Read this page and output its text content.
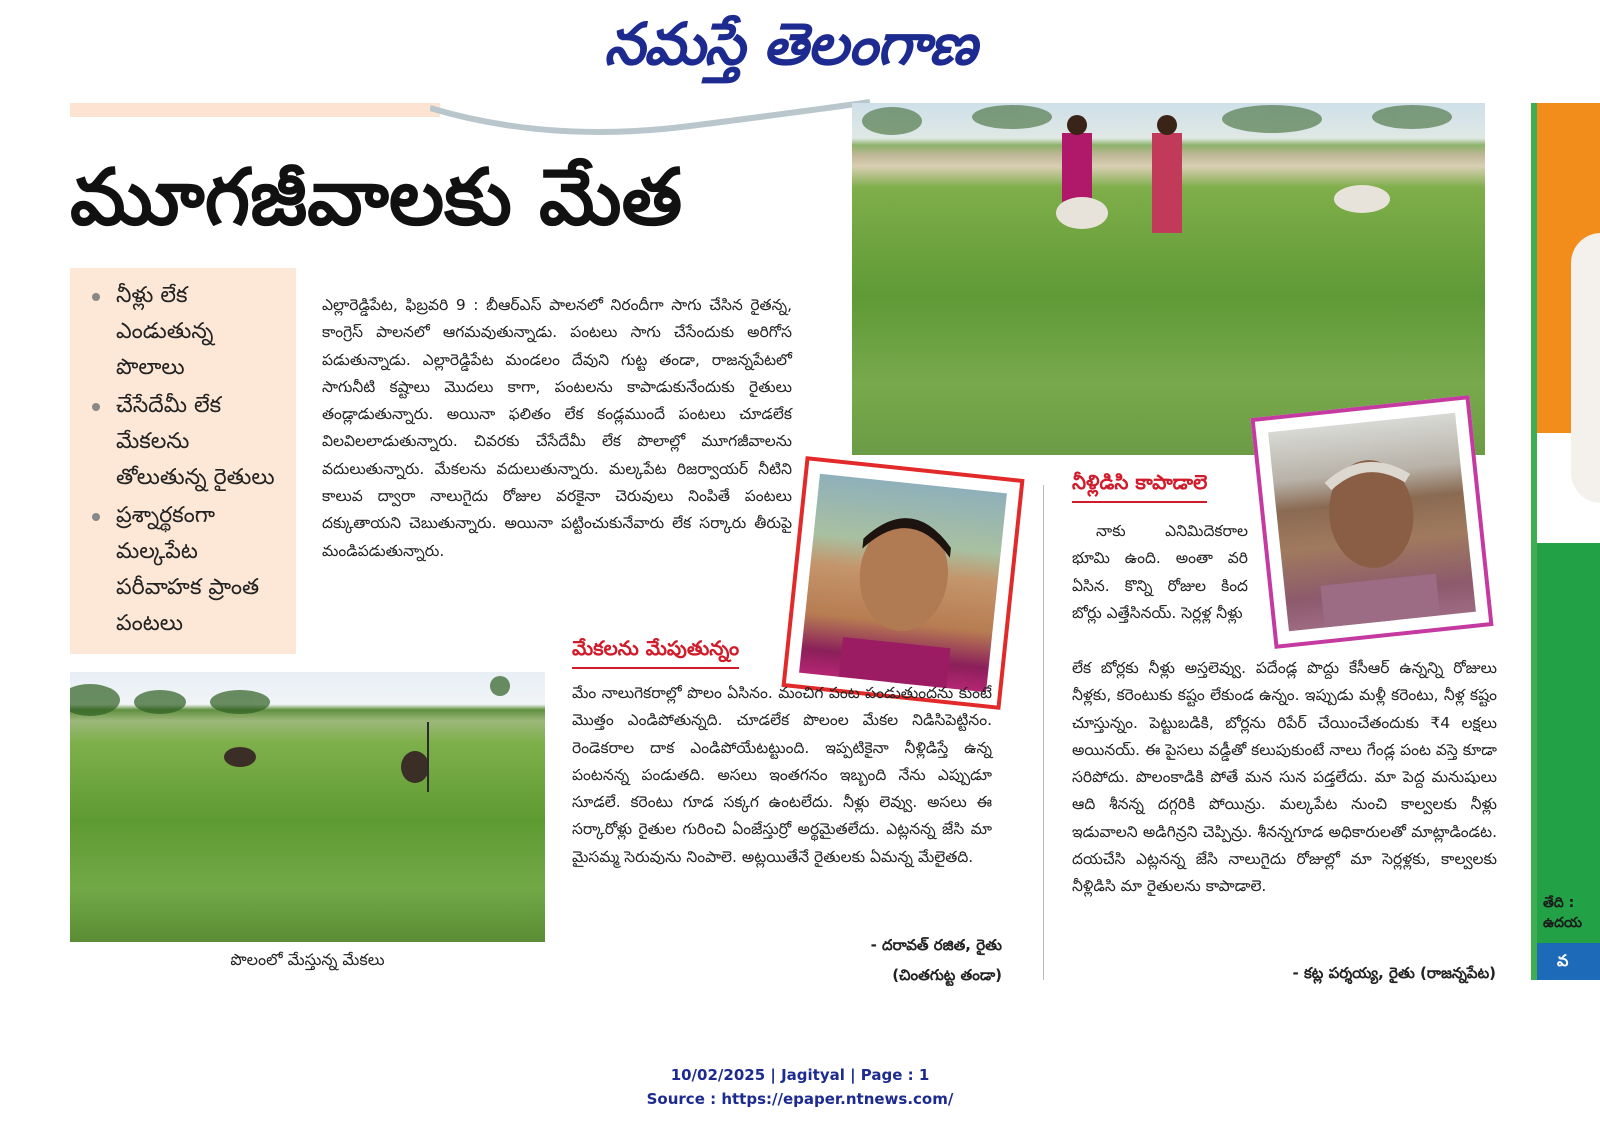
నమస్తే తెలంగాణ
మూగజీవాలకు మేత
నీళ్లు లేక ఎండుతున్న పొలాలు
చేసేదేమీ లేక మేకలను తోలుతున్న రైతులు
ప్రశ్నార్థకంగా మల్కపేట పరీవాహక ప్రాంత పంటలు

ఎల్లారెడ్డిపేట, ఫిబ్రవరి 9 : బీఆర్ఎస్ పాలనలో నిరందీగా సాగు చేసిన రైతన్న, కాంగ్రెస్ పాలనలో ఆగమవుతున్నాడు. పంటలు సాగు చేసేందుకు అరిగోస పడుతున్నాడు. ఎల్లారెడ్డిపేట మండలం దేవుని గుట్ట తండా, రాజన్నపేటలో సాగునీటి కష్టాలు మొదలు కాగా, పంటలను కాపాడుకునేందుకు రైతులు తండ్లాడుతున్నారు. అయినా ఫలితం లేక కండ్లముందే పంటలు చూడలేక విలవిలలాడుతున్నారు. చివరకు చేసేదేమీ లేక పొలాల్లో మూగజీవాలను వదులుతున్నారు. మేకలను వదులుతున్నారు. మల్కపేట రిజర్వాయర్ నీటిని కాలువ ద్వారా నాలుగైదు రోజుల వరకైనా చెరువులు నింపితే పంటలు దక్కుతాయని చెబుతున్నారు. అయినా పట్టించుకునేవారు లేక సర్కారు తీరుపై మండిపడుతున్నారు.

పొలంలో మేస్తున్న మేకలు
మేకలను మేపుతున్నం

మేం నాలుగెకరాల్లో పొలం ఏసినం. మంచిగ పంట పండుతుందను కుంటే మొత్తం ఎండిపోతున్నది. చూడలేక పొలంల మేకల నిడిసిపెట్టినం. రెండెకరాల దాక ఎండిపోయేటట్టుంది. ఇప్పటికైనా నీళ్లిడిస్తే ఉన్న పంటనన్న పండుతది. అసలు ఇంతగనం ఇబ్బంది నేను ఎప్పుడూ సూడలే. కరెంటు గూడ సక్కగ ఉంటలేదు. నీళ్లు లెవ్వు. అసలు ఈ సర్కారోళ్లు రైతుల గురించి ఏంజేస్తుర్రో అర్థమైతలేదు. ఎట్లనన్న జేసి మా మైసమ్మ సెరువును నింపాలె. అట్లయితేనే రైతులకు ఏమన్న మేలైతది.

- దరావత్ రజిత, రైతు
(చింతగుట్ట తండా)
నీళ్లిడిసి కాపాడాలె

నాకు ఎనిమిదెకరాల భూమి ఉంది. అంతా వరి ఏసిన. కొన్ని రోజుల కింద బోర్లు ఎత్తేసినయ్. సెర్లళ్ల నీళ్లు

లేక బోర్లకు నీళ్లు అస్తలెవ్వు. పదేండ్ల పొద్దు కేసీఆర్ ఉన్నన్ని రోజులు నీళ్లకు, కరెంటుకు కష్టం లేకుండ ఉన్నం. ఇప్పుడు మళ్లీ కరెంటు, నీళ్ల కష్టం చూస్తున్నం. పెట్టుబడికి, బోర్లను రిపేర్ చేయించేతందుకు ₹4 లక్షలు అయినయ్. ఈ పైసలు వడ్డీతో కలుపుకుంటే నాలు గేండ్ల పంట వస్తె కూడా సరిపోదు. పొలంకాడికి పోతే మన సున పడ్తలేదు. మా పెద్ద మనుషులు ఆది శీనన్న దగ్గరికి పోయిన్రు. మల్కపేట నుంచి కాల్వలకు నీళ్లు ఇడువాలని అడిగిన్రని చెప్పిన్రు. శీనన్నగూడ అధికారులతో మాట్లాడిండట. దయచేసి ఎట్లనన్న జేసి నాలుగైదు రోజుల్లో మా సెర్లళ్లకు, కాల్వలకు నీళ్లిడిసి మా రైతులను కాపాడాలె.

- కట్ల పర్శయ్య, రైతు (రాజన్నపేట)
తేది :
ఉదయ
వ
10/02/2025 | Jagityal | Page : 1
Source : https://epaper.ntnews.com/
